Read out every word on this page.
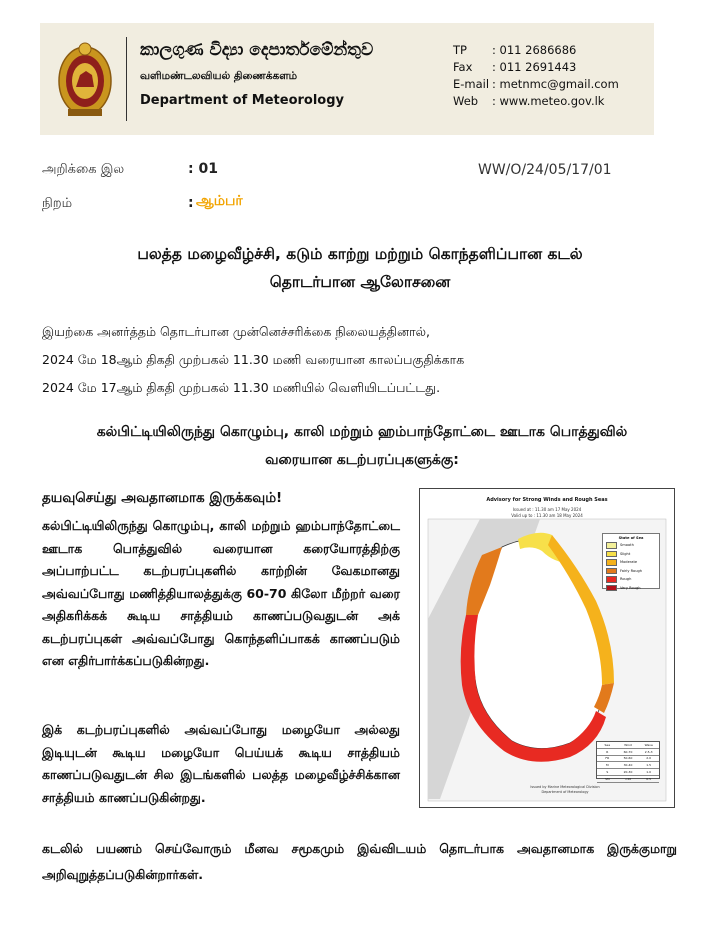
කාලගුණ විද්‍යා දෙපාර්තමේන්තුව
வளிமண்டலவியல் திணைக்களம்
Department of Meteorology
TP	: 011 2686686
Fax	: 011 2691443
E-mail : metnmc@gmail.com
Web	: www.meteo.gov.lk
அறிக்கை இல	: 01	WW/O/24/05/17/01
நிறம்	: ஆம்பர்
பலத்த மழைவீழ்ச்சி, கடும் காற்று மற்றும் கொந்தளிப்பான கடல்
தொடர்பான ஆலோசனை
இயற்கை அனர்த்தம் தொடர்பான முன்னெச்சரிக்கை நிலையத்தினால்,
2024 மே 18ஆம் திகதி முற்பகல் 11.30 மணி வரையான காலப்பகுதிக்காக
2024 மே 17ஆம் திகதி முற்பகல் 11.30 மணியில் வெளியிடப்பட்டது.
கல்பிட்டியிலிருந்து கொழும்பு, காலி மற்றும் ஹம்பாந்தோட்டை ஊடாக பொத்துவில்
வரையான கடற்பரப்புகளுக்கு:
தயவுசெய்து அவதானமாக இருக்கவும்!
கல்பிட்டியிலிருந்து கொழும்பு, காலி மற்றும் ஹம்பாந்தோட்டை ஊடாக பொத்துவில் வரையான கரையோரத்திற்கு அப்பாற்பட்ட கடற்பரப்புகளில் காற்றின் வேகமானது அவ்வப்போது மணித்தியாலத்துக்கு 60-70 கிலோ மீற்றர் வரை அதிகரிக்கக் கூடிய சாத்தியம் காணப்படுவதுடன் அக் கடற்பரப்புகள் அவ்வப்போது கொந்தளிப்பாகக் காணப்படும் என எதிர்பார்க்கப்படுகின்றது.
இக் கடற்பரப்புகளில் அவ்வப்போது மழையோ அல்லது இடியுடன் கூடிய மழையோ பெய்யக் கூடிய சாத்தியம் காணப்படுவதுடன் சில இடங்களில் பலத்த மழைவீழ்ச்சிக்கான சாத்தியம் காணப்படுகின்றது.
Advisory for Strong Winds and Rough Seas
Issued at : 11.30 am 17 May 2024
Valid up to : 11.30 am 18 May 2024
State of Sea
Smooth
Slight
Moderate
Fairly Rough
Rough
Very Rough
Sea	Wind	Wave
R	60-70	2.5-3
FR	50-60	2.0
M	30-40	1.5
S	20-30	1.0
SM	<20	0.5
Issued by Marine Meteorological Division
Department of Meteorology
கடலில் பயணம் செய்வோரும் மீனவ சமூகமும் இவ்விடயம் தொடர்பாக அவதானமாக இருக்குமாறு அறிவுறுத்தப்படுகின்றார்கள்.
